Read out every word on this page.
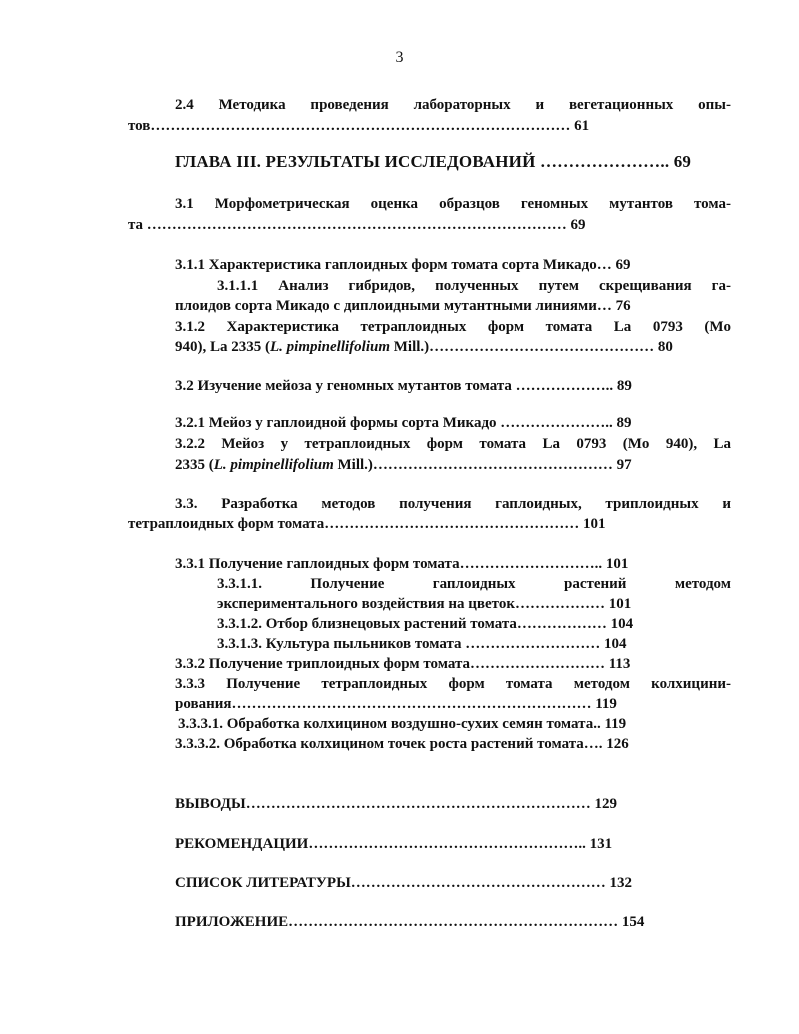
3
2.4 Методика проведения лабораторных и вегетационных опы-
тов………………………………………………………………………… 61
ГЛАВА III. РЕЗУЛЬТАТЫ ИССЛЕДОВАНИЙ ………………….. 69
3.1 Морфометрическая оценка образцов геномных мутантов тома-
та ………………………………………………………………………… 69
3.1.1 Характеристика гаплоидных форм томата сорта Микадо… 69
3.1.1.1 Анализ гибридов, полученных путем скрещивания га-
плоидов сорта Микадо с диплоидными мутантными линиями… 76
3.1.2 Характеристика тетраплоидных форм томата La 0793 (Mo
940), La 2335 (L. pimpinellifolium Mill.)……………………………………… 80
3.2 Изучение мейоза у геномных мутантов томата ……………….. 89
3.2.1 Мейоз у гаплоидной формы сорта Микадо ………………….. 89
3.2.2 Мейоз у тетраплоидных форм томата La 0793 (Mo 940), La
2335 (L. pimpinellifolium Mill.)………………………………………… 97
3.3. Разработка методов получения гаплоидных, триплоидных и
тетраплоидных форм томата…………………………………………… 101
3.3.1 Получение гаплоидных форм томата……………………….. 101
3.3.1.1. Получение гаплоидных растений методом
экспериментального воздействия на цветок……………… 101
3.3.1.2. Отбор близнецовых растений томата……………… 104
3.3.1.3. Культура пыльников томата ……………………… 104
3.3.2 Получение триплоидных форм томата……………………… 113
3.3.3 Получение тетраплоидных форм томата методом колхицини-
рования……………………………………………………………… 119
3.3.3.1. Обработка колхицином воздушно-сухих семян томата.. 119
3.3.3.2. Обработка колхицином точек роста растений томата…. 126
ВЫВОДЫ…………………………………………………………… 129
РЕКОМЕНДАЦИИ……………………………………………….. 131
СПИСОК ЛИТЕРАТУРЫ…………………………………………… 132
ПРИЛОЖЕНИЕ………………………………………………………… 154
